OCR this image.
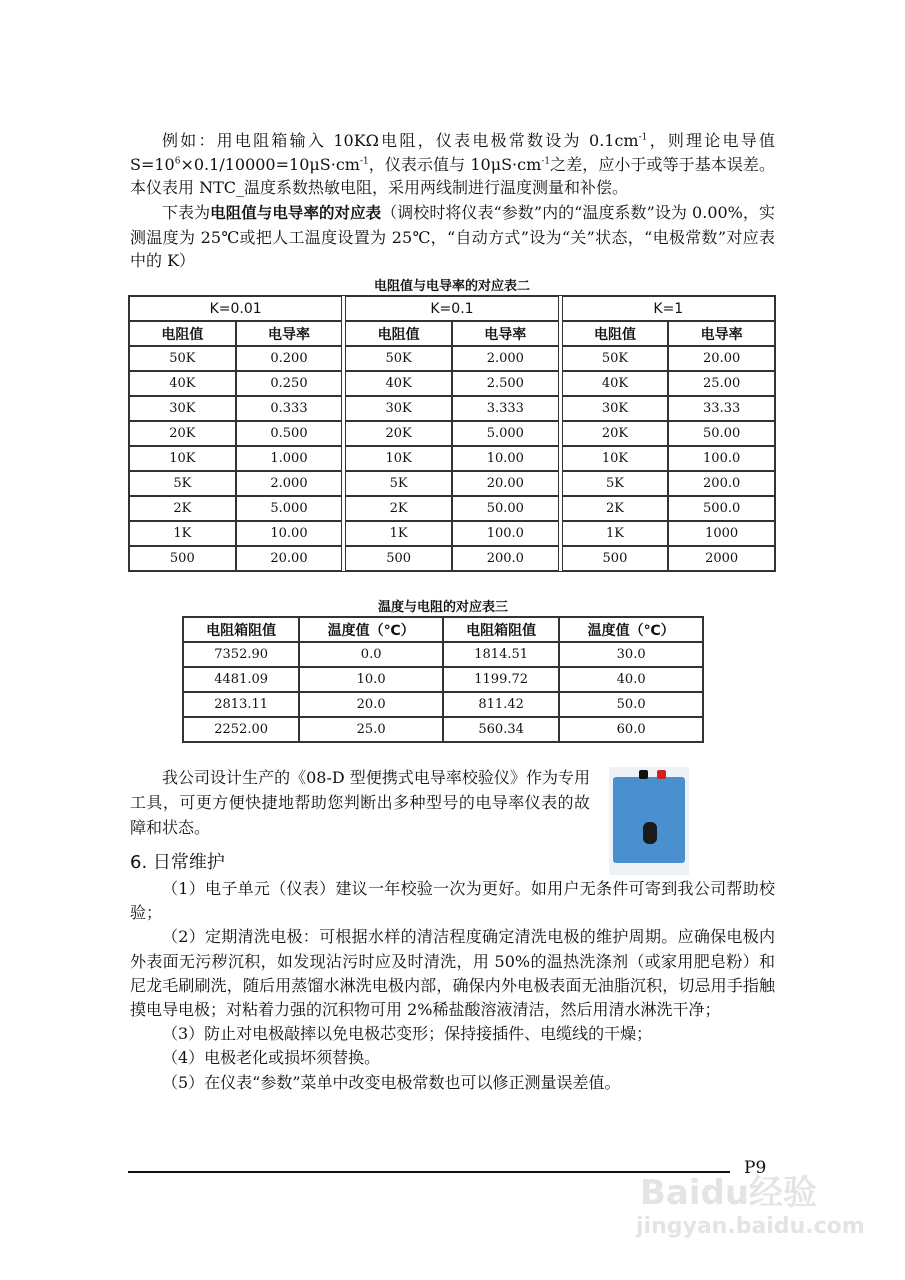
例如：用电阻箱输入 10KΩ电阻，仪表电极常数设为 $0.1cm^{-1}$，则理论电导值 $S=10^6\times 0.1/10000=10\mu S\cdot cm^{-1}$，仪表示值与 $10\mu S\cdot cm^{-1}$之差，应小于或等于基本误差。本仪表用 NTC_温度系数热敏电阻，采用两线制进行温度测量和补偿。
下表为电阻值与电导率的对应表（调校时将仪表“参数”内的“温度系数”设为 0.00%，实测温度为 25℃或把人工温度设置为 25℃，“自动方式”设为“关”状态，“电极常数”对应表中的 K）
电阻值与电导率的对应表二
K=0.01			K=0.1			K=1	
电阻值	电导率		电阻值	电导率		电阻值	电导率
50K	0.200		50K	2.000		50K	20.00
40K	0.250		40K	2.500		40K	25.00
30K	0.333		30K	3.333		30K	33.33
20K	0.500		20K	5.000		20K	50.00
10K	1.000		10K	10.00		10K	100.0
5K	2.000		5K	20.00		5K	200.0
2K	5.000		2K	50.00		2K	500.0
1K	10.00		1K	100.0		1K	1000
500	20.00		500	200.0		500	2000
温度与电阻的对应表三
电阻箱阻值	温度值（℃）	电阻箱阻值	温度值（℃）
7352.90	0.0	1814.51	30.0
4481.09	10.0	1199.72	40.0
2813.11	20.0	811.42	50.0
2252.00	25.0	560.34	60.0
我公司设计生产的《08-D 型便携式电导率校验仪》作为专用工具，可更方便快捷地帮助您判断出多种型号的电导率仪表的故障和状态。
6. 日常维护
（1）电子单元（仪表）建议一年校验一次为更好。如用户无条件可寄到我公司帮助校验；
（2）定期清洗电极：可根据水样的清洁程度确定清洗电极的维护周期。应确保电极内外表面无污秽沉积，如发现沾污时应及时清洗，用 50%的温热洗涤剂（或家用肥皂粉）和尼龙毛刷刷洗，随后用蒸馏水淋洗电极内部，确保内外电极表面无油脂沉积，切忌用手指触摸电导电极；对粘着力强的沉积物可用 2%稀盐酸溶液清洁，然后用清水淋洗干净；
（3）防止对电极敲摔以免电极芯变形；保持接插件、电缆线的干燥；
（4）电极老化或损坏须替换。
（5）在仪表“参数”菜单中改变电极常数也可以修正测量误差值。
Baidu经验
jingyan.baidu.com
P9
